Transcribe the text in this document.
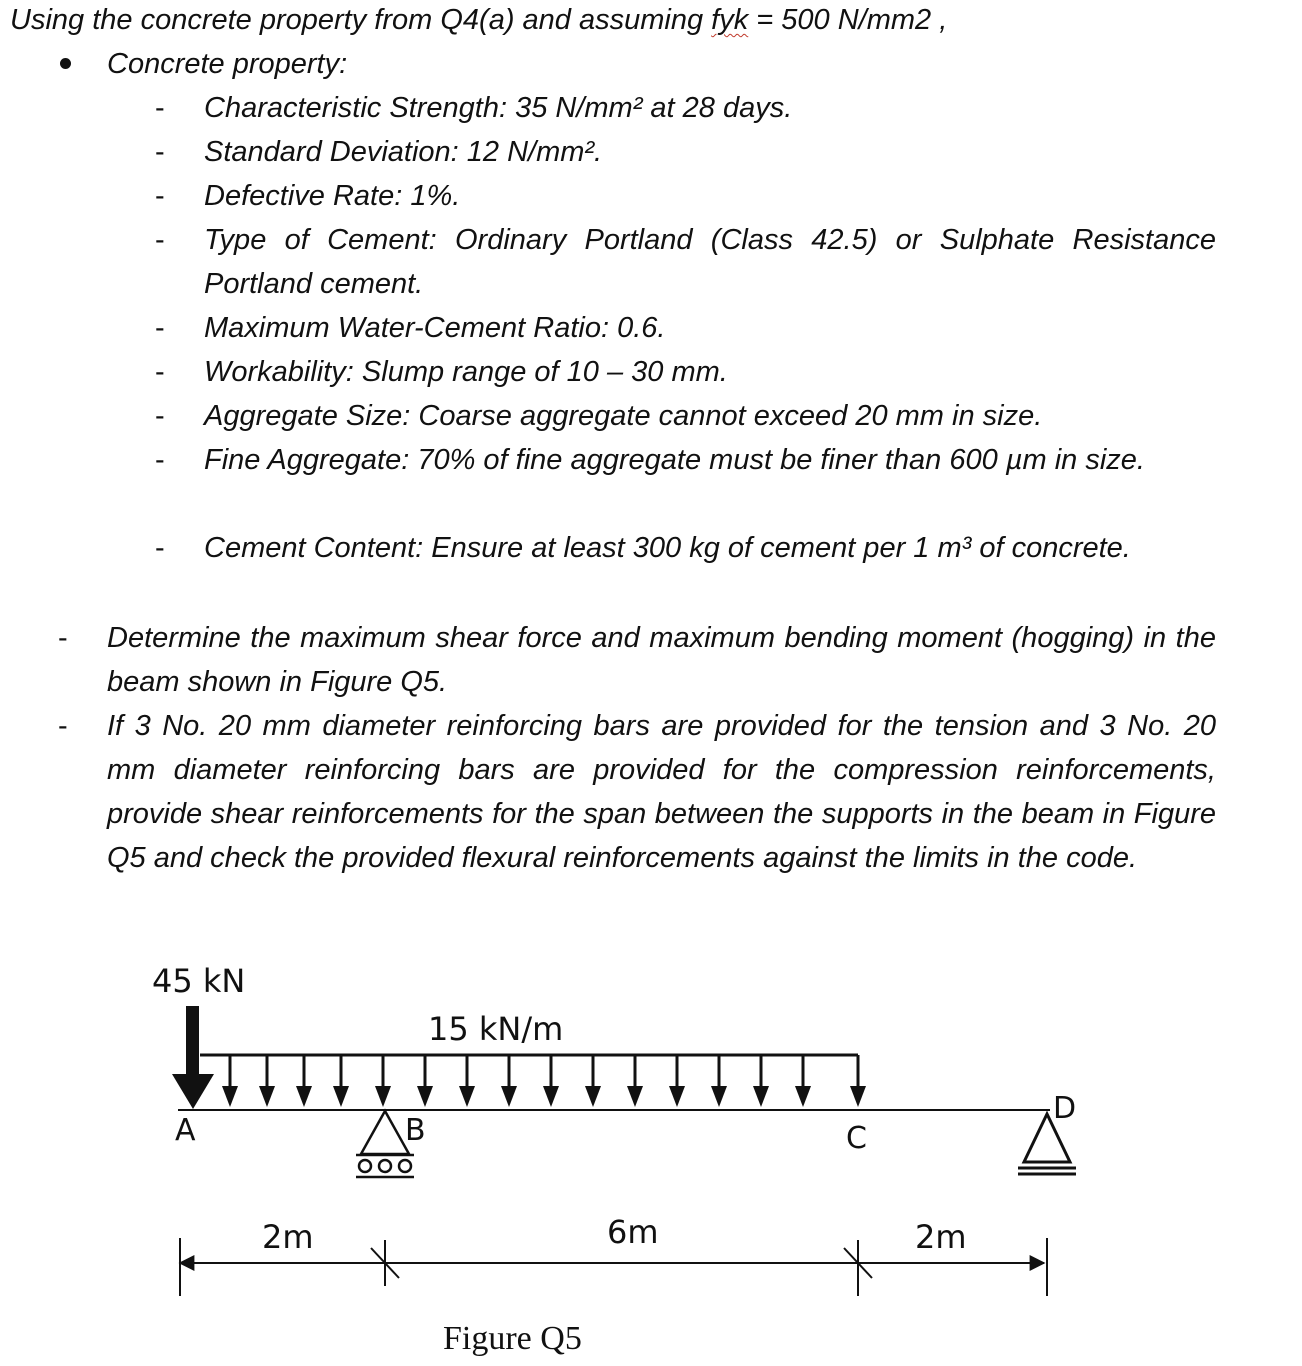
Using the concrete property from Q4(a) and assuming fyk = 500 N/mm2 ,
Concrete property:
- Characteristic Strength: 35 N/mm² at 28 days.
- Standard Deviation: 12 N/mm².
- Defective Rate: 1%.
- Type of Cement: Ordinary Portland (Class 42.5) or Sulphate Resistance Portland cement.
- Maximum Water-Cement Ratio: 0.6.
- Workability: Slump range of 10 – 30 mm.
- Aggregate Size: Coarse aggregate cannot exceed 20 mm in size.
- Fine Aggregate: 70% of fine aggregate must be finer than 600 µm in size.
- Cement Content: Ensure at least 300 kg of cement per 1 m³ of concrete.
- Determine the maximum shear force and maximum bending moment (hogging) in the beam shown in Figure Q5.
- If 3 No. 20 mm diameter reinforcing bars are provided for the tension and 3 No. 20 mm diameter reinforcing bars are provided for the compression reinforcements, provide shear reinforcements for the span between the supports in the beam in Figure Q5 and check the provided flexural reinforcements against the limits in the code.
45 kN
15 kN/m
A	B	C
D
2m	6m	2m
Figure Q5
